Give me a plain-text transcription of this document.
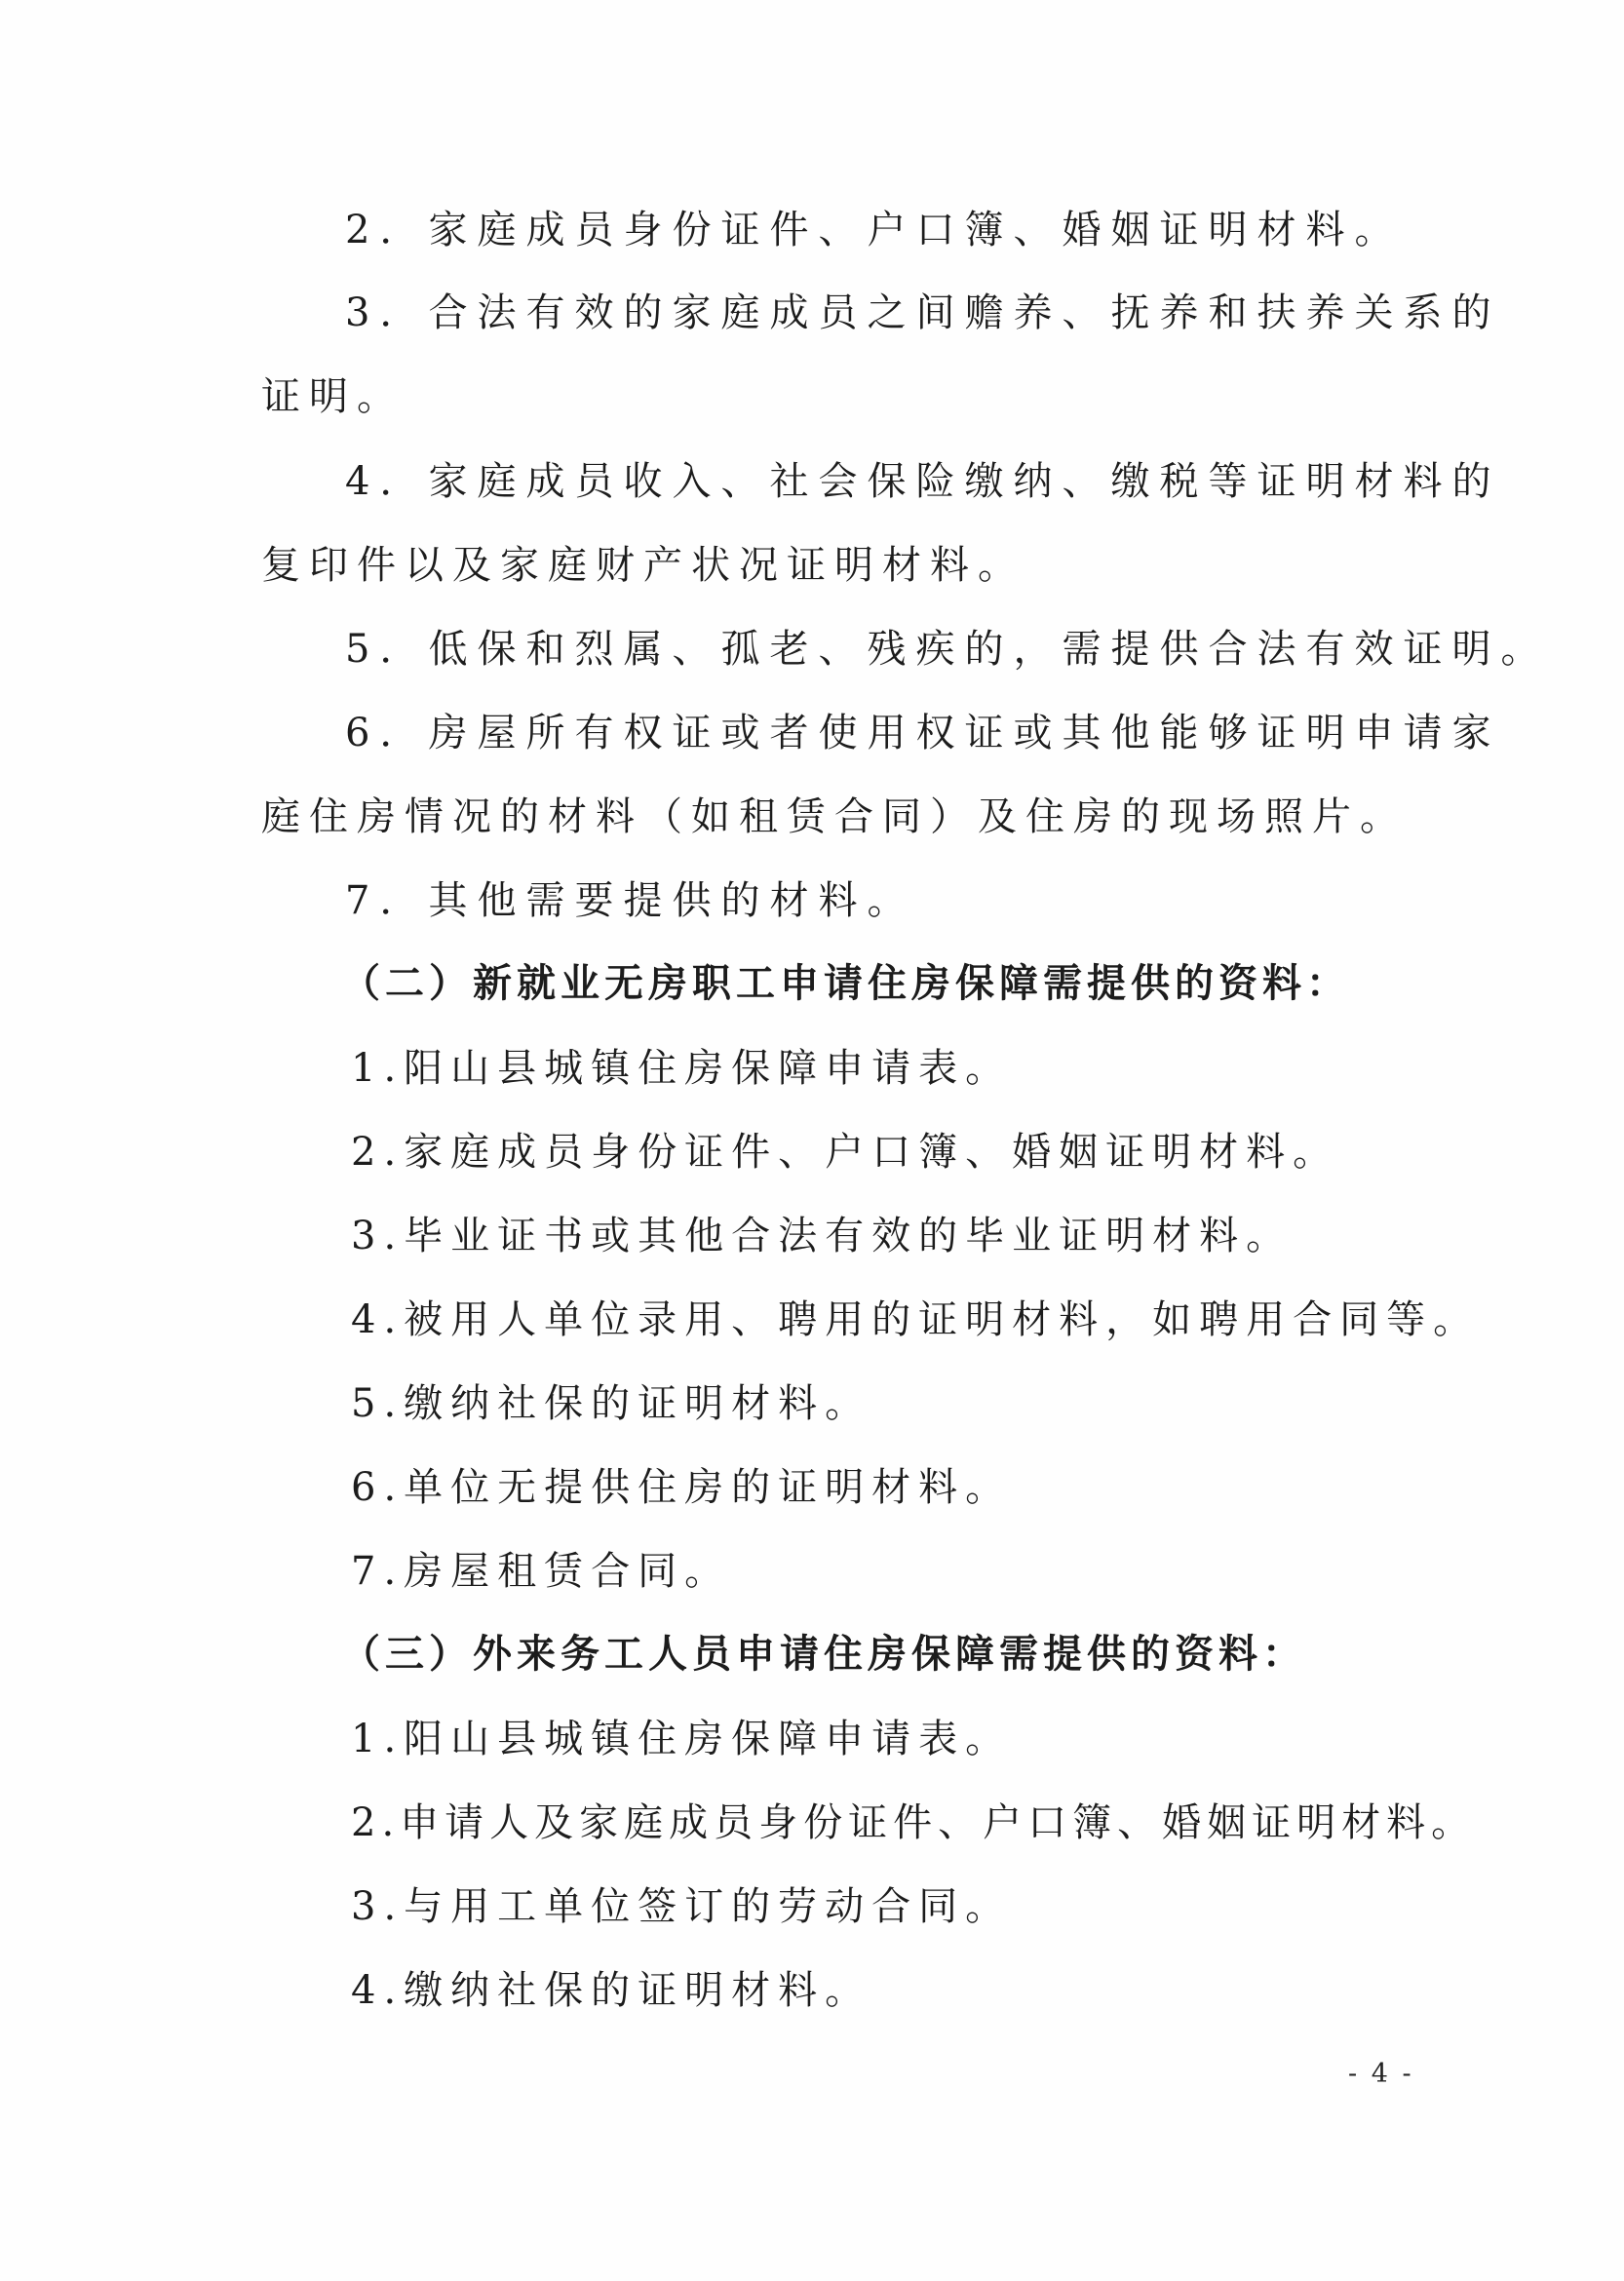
2．家庭成员身份证件、户口簿、婚姻证明材料。
3．合法有效的家庭成员之间赡养、抚养和扶养关系的
证明。
4．家庭成员收入、社会保险缴纳、缴税等证明材料的
复印件以及家庭财产状况证明材料。
5．低保和烈属、孤老、残疾的，需提供合法有效证明。
6．房屋所有权证或者使用权证或其他能够证明申请家
庭住房情况的材料（如租赁合同）及住房的现场照片。
7．其他需要提供的材料。
（二）新就业无房职工申请住房保障需提供的资料：
1.阳山县城镇住房保障申请表。
2.家庭成员身份证件、户口簿、婚姻证明材料。
3.毕业证书或其他合法有效的毕业证明材料。
4.被用人单位录用、聘用的证明材料，如聘用合同等。
5.缴纳社保的证明材料。
6.单位无提供住房的证明材料。
7.房屋租赁合同。
（三）外来务工人员申请住房保障需提供的资料：
1.阳山县城镇住房保障申请表。
2.申请人及家庭成员身份证件、户口簿、婚姻证明材料。
3.与用工单位签订的劳动合同。
4.缴纳社保的证明材料。
- 4 -
